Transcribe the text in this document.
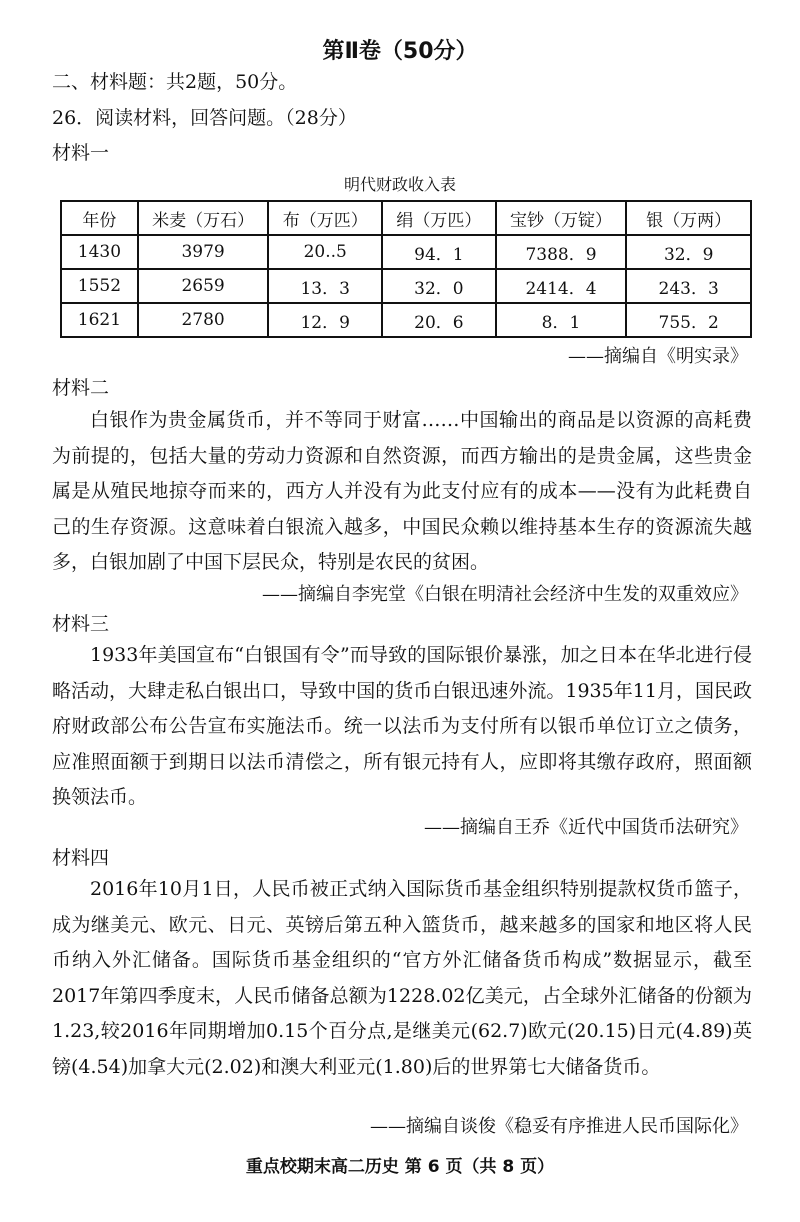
第Ⅱ卷（50分）
二、材料题：共2题，50分。
26．阅读材料，回答问题。（28分）
材料一
明代财政收入表
年份	米麦（万石）	布（万匹）	绢（万匹）	宝钞（万锭）	银（万两）
1430	3979	20..5	94．1	7388．9	32．9
1552	2659	13．3	32．0	2414．4	243．3
1621	2780	12．9	20．6	8．1	755．2
——摘编自《明实录》
材料二

白银作为贵金属货币，并不等同于财富……中国输出的商品是以资源的高耗费为前提的，包括大量的劳动力资源和自然资源，而西方输出的是贵金属，这些贵金属是从殖民地掠夺而来的，西方人并没有为此支付应有的成本——没有为此耗费自己的生存资源。这意味着白银流入越多，中国民众赖以维持基本生存的资源流失越多，白银加剧了中国下层民众，特别是农民的贫困。

——摘编自李宪堂《白银在明清社会经济中生发的双重效应》
材料三

1933年美国宣布“白银国有令”而导致的国际银价暴涨，加之日本在华北进行侵略活动，大肆走私白银出口，导致中国的货币白银迅速外流。1935年11月，国民政府财政部公布公告宣布实施法币。统一以法币为支付所有以银币单位订立之债务，应准照面额于到期日以法币清偿之，所有银元持有人，应即将其缴存政府，照面额换领法币。

——摘编自王乔《近代中国货币法研究》
材料四

2016年10月1日，人民币被正式纳入国际货币基金组织特别提款权货币篮子，成为继美元、欧元、日元、英镑后第五种入篮货币，越来越多的国家和地区将人民币纳入外汇储备。国际货币基金组织的“官方外汇储备货币构成”数据显示，截至2017年第四季度末，人民币储备总额为1228.02亿美元，占全球外汇储备的份额为1.23,较2016年同期增加0.15个百分点,是继美元(62.7)欧元(20.15)日元(4.89)英镑(4.54)加拿大元(2.02)和澳大利亚元(1.80)后的世界第七大储备货币。

——摘编自谈俊《稳妥有序推进人民币国际化》
重点校期末高二历史 第 6 页（共 8 页）
